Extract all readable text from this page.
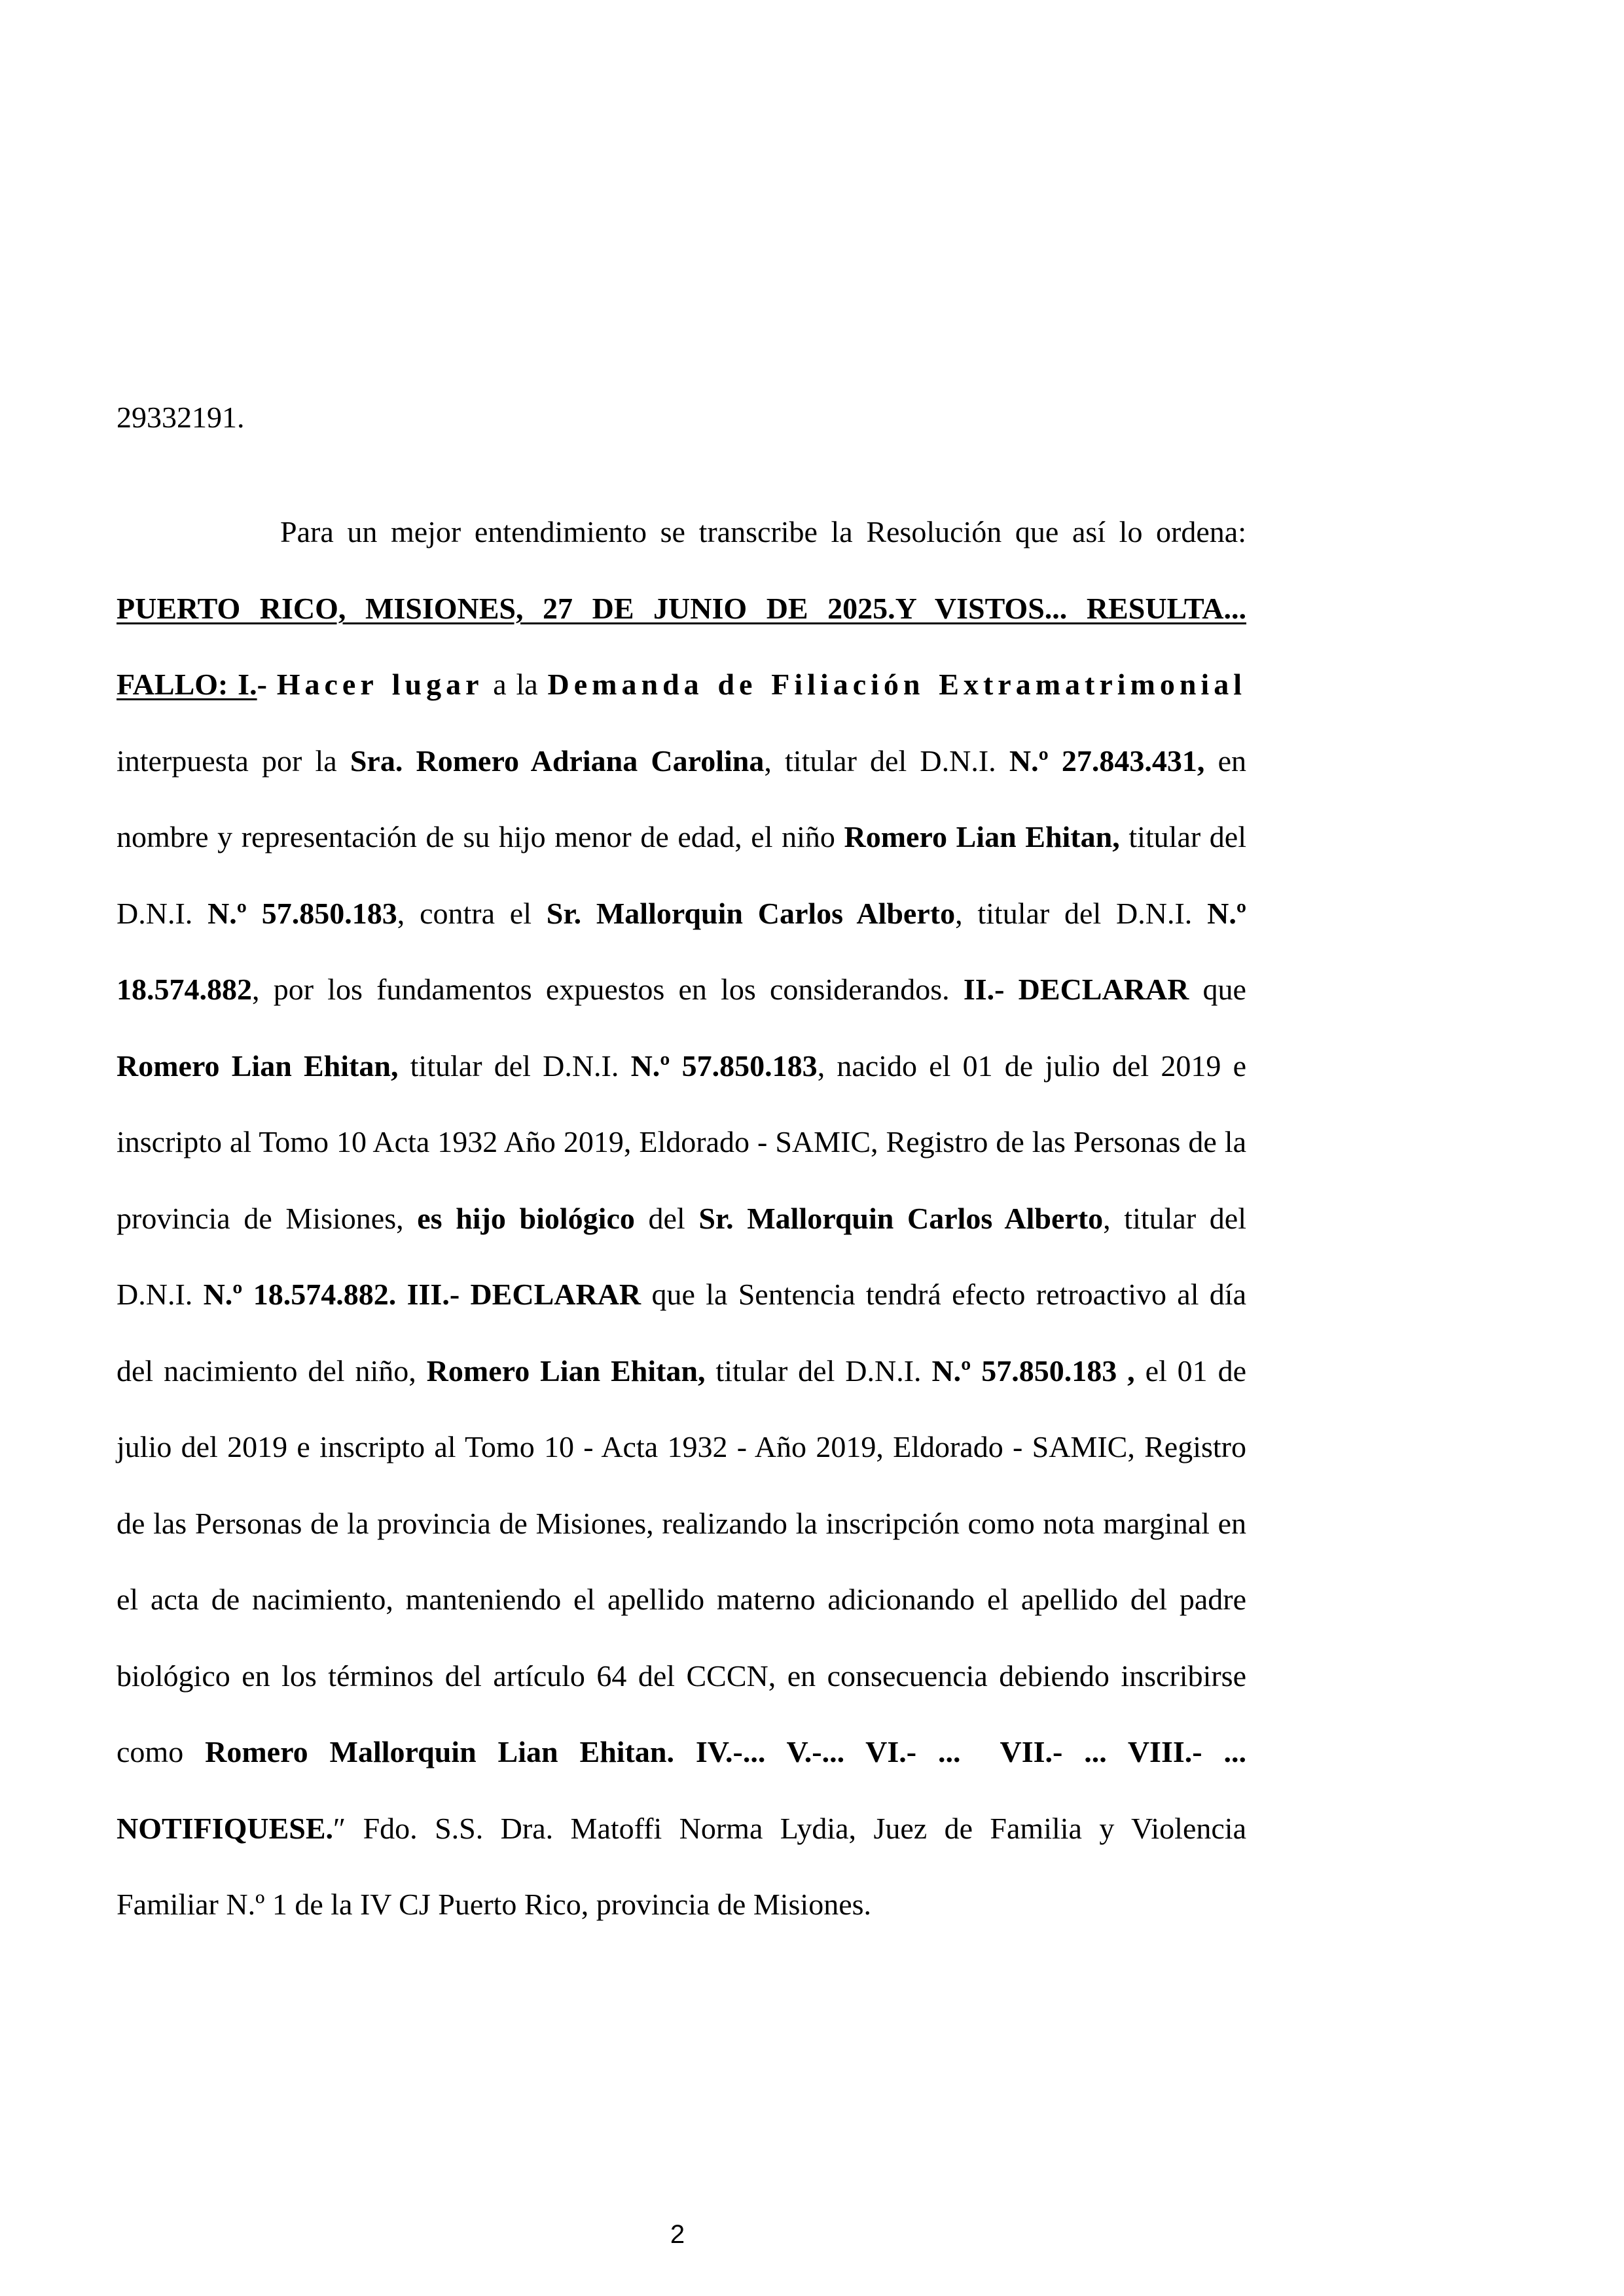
29332191.
Para un mejor entendimiento se transcribe la Resolución que así lo ordena: PUERTO RICO, MISIONES, 27 DE JUNIO DE 2025.Y VISTOS... RESULTA... FALLO: I.- Hacer lugar a la Demanda de Filiación Extramatrimonial interpuesta por la Sra. Romero Adriana Carolina, titular del D.N.I. N.º 27.843.431, en nombre y representación de su hijo menor de edad, el niño Romero Lian Ehitan, titular del D.N.I. N.º 57.850.183, contra el Sr. Mallorquin Carlos Alberto, titular del D.N.I. N.º 18.574.882, por los fundamentos expuestos en los considerandos. II.- DECLARAR que Romero Lian Ehitan, titular del D.N.I. N.º 57.850.183, nacido el 01 de julio del 2019 e inscripto al Tomo 10 Acta 1932 Año 2019, Eldorado - SAMIC, Registro de las Personas de la provincia de Misiones, es hijo biológico del Sr. Mallorquin Carlos Alberto, titular del D.N.I. N.º 18.574.882. III.- DECLARAR que la Sentencia tendrá efecto retroactivo al día del nacimiento del niño, Romero Lian Ehitan, titular del D.N.I. N.º 57.850.183 , el 01 de julio del 2019 e inscripto al Tomo 10 - Acta 1932 - Año 2019, Eldorado - SAMIC, Registro de las Personas de la provincia de Misiones, realizando la inscripción como nota marginal en el acta de nacimiento, manteniendo el apellido materno adicionando el apellido del padre biológico en los términos del artículo 64 del CCCN, en consecuencia debiendo inscribirse como Romero Mallorquin Lian Ehitan. IV.-... V.-... VI.- ... VII.- ... VIII.- ... NOTIFIQUESE.″ Fdo. S.S. Dra. Matoffi Norma Lydia, Juez de Familia y Violencia Familiar N.º 1 de la IV CJ Puerto Rico, provincia de Misiones.
2
